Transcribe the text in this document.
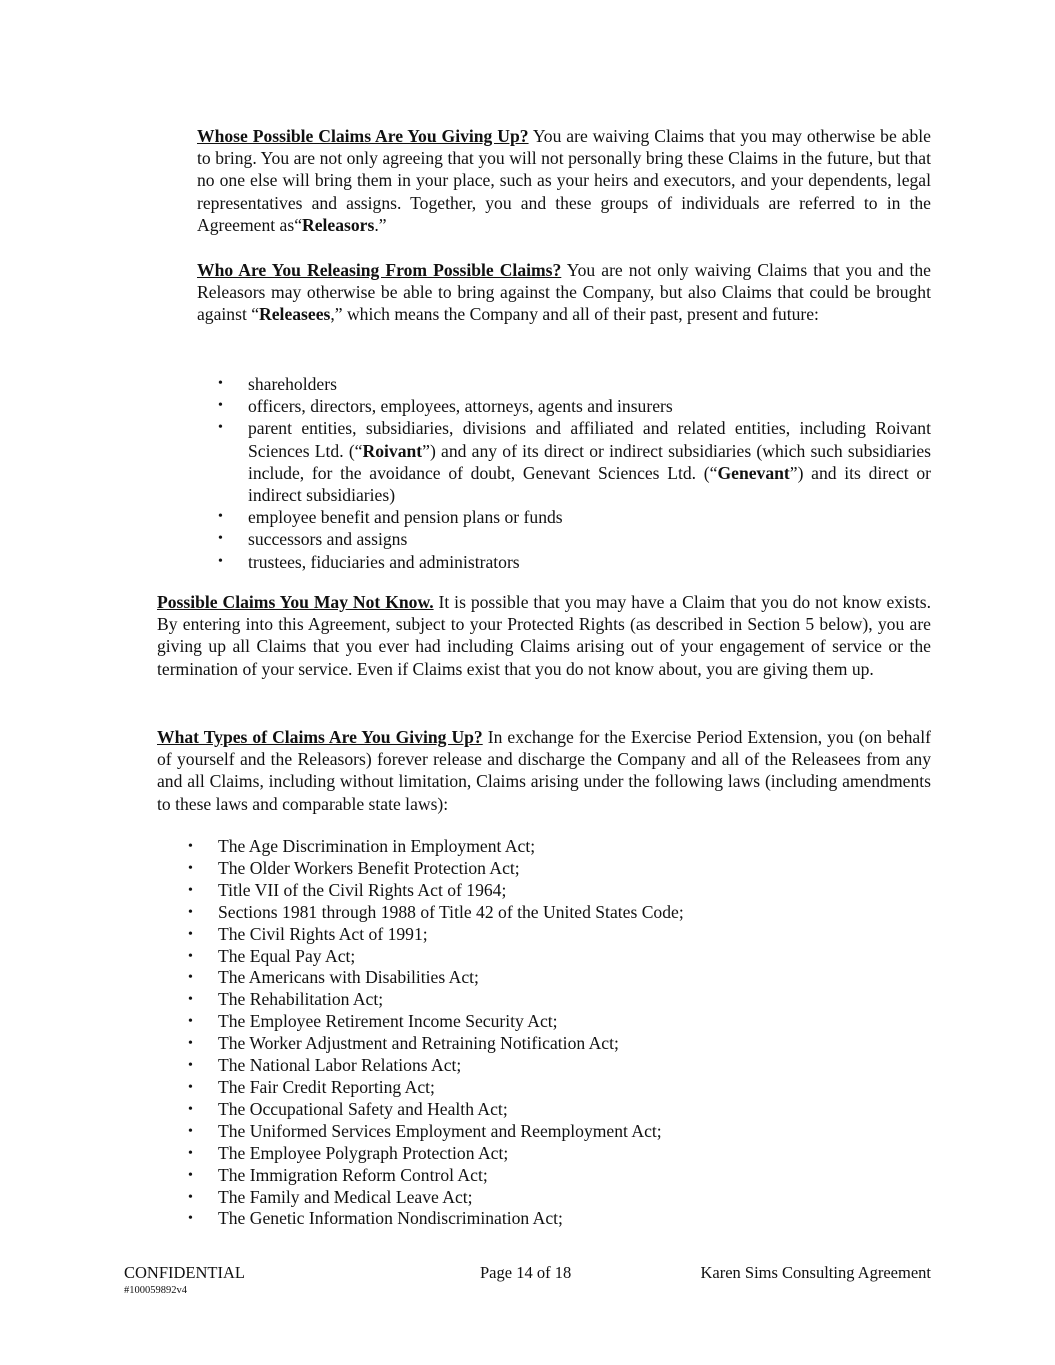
Whose Possible Claims Are You Giving Up? You are waiving Claims that you may otherwise be able to bring. You are not only agreeing that you will not personally bring these Claims in the future, but that no one else will bring them in your place, such as your heirs and executors, and your dependents, legal representatives and assigns. Together, you and these groups of individuals are referred to in the Agreement as“Releasors.”

Who Are You Releasing From Possible Claims? You are not only waiving Claims that you and the Releasors may otherwise be able to bring against the Company, but also Claims that could be brought against “Releasees,” which means the Company and all of their past, present and future:

• shareholders
• officers, directors, employees, attorneys, agents and insurers
• parent entities, subsidiaries, divisions and affiliated and related entities, including Roivant Sciences Ltd. (“Roivant”) and any of its direct or indirect subsidiaries (which such subsidiaries include, for the avoidance of doubt, Genevant Sciences Ltd. (“Genevant”) and its direct or indirect subsidiaries)
• employee benefit and pension plans or funds
• successors and assigns
• trustees, fiduciaries and administrators

Possible Claims You May Not Know. It is possible that you may have a Claim that you do not know exists. By entering into this Agreement, subject to your Protected Rights (as described in Section 5 below), you are giving up all Claims that you ever had including Claims arising out of your engagement of service or the termination of your service. Even if Claims exist that you do not know about, you are giving them up.

What Types of Claims Are You Giving Up? In exchange for the Exercise Period Extension, you (on behalf of yourself and the Releasors) forever release and discharge the Company and all of the Releasees from any and all Claims, including without limitation, Claims arising under the following laws (including amendments to these laws and comparable state laws):

• The Age Discrimination in Employment Act;
• The Older Workers Benefit Protection Act;
• Title VII of the Civil Rights Act of 1964;
• Sections 1981 through 1988 of Title 42 of the United States Code;
• The Civil Rights Act of 1991;
• The Equal Pay Act;
• The Americans with Disabilities Act;
• The Rehabilitation Act;
• The Employee Retirement Income Security Act;
• The Worker Adjustment and Retraining Notification Act;
• The National Labor Relations Act;
• The Fair Credit Reporting Act;
• The Occupational Safety and Health Act;
• The Uniformed Services Employment and Reemployment Act;
• The Employee Polygraph Protection Act;
• The Immigration Reform Control Act;
• The Family and Medical Leave Act;
• The Genetic Information Nondiscrimination Act;
CONFIDENTIAL	Page 14 of 18	Karen Sims Consulting Agreement
#100059892v4
